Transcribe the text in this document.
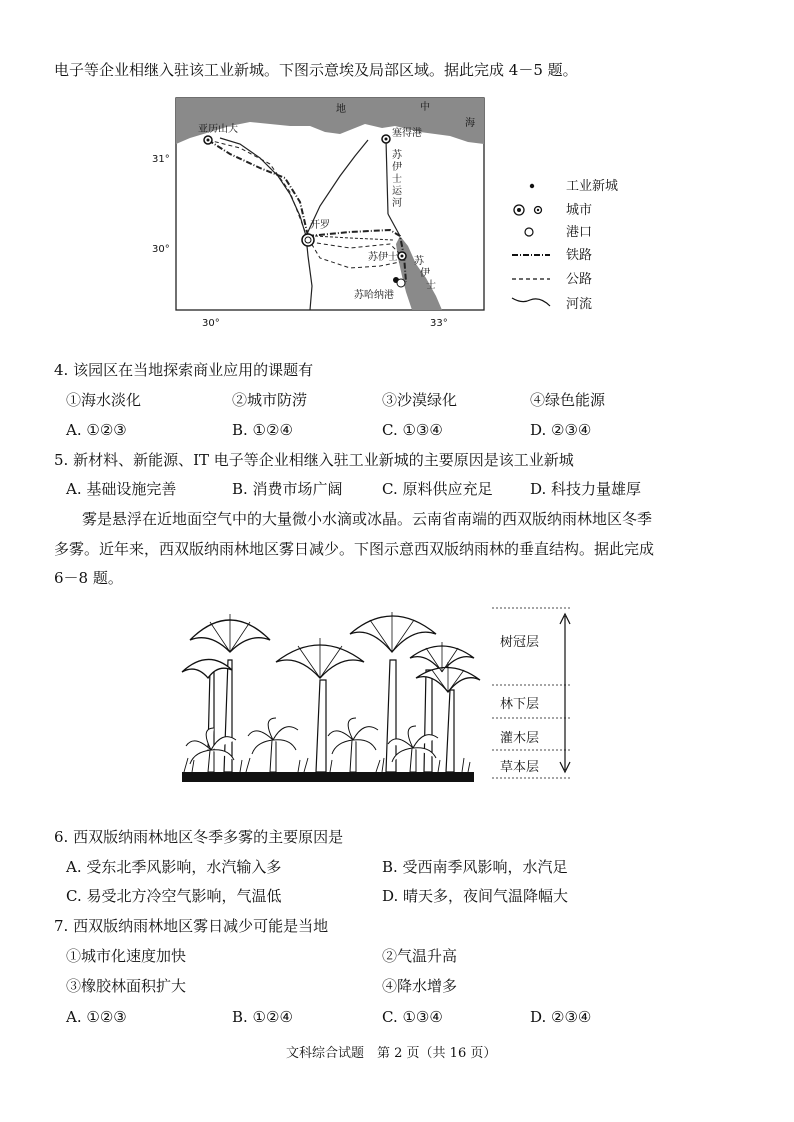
电子等企业相继入驻该工业新城。下图示意埃及局部区域。据此完成 4－5 题。
地	中
海
苏
伊
士
运
河
苏
伊
士
亚历山大	塞得港
开罗
苏伊士
苏哈纳港
31°
30°
30°	33°
工业新城
城市
港口
铁路
公路
河流
4. 该园区在当地探索商业应用的课题有
①海水淡化	②城市防涝	③沙漠绿化	④绿色能源
A. ①②③	B. ①②④	C. ①③④	D. ②③④
5. 新材料、新能源、IT 电子等企业相继入驻工业新城的主要原因是该工业新城
A. 基础设施完善	B. 消费市场广阔	C. 原料供应充足	D. 科技力量雄厚
雾是悬浮在近地面空气中的大量微小水滴或冰晶。云南省南端的西双版纳雨林地区冬季
多雾。近年来，西双版纳雨林地区雾日减少。下图示意西双版纳雨林的垂直结构。据此完成
6－8 题。
树冠层
林下层
灌木层
草本层
6. 西双版纳雨林地区冬季多雾的主要原因是
A. 受东北季风影响，水汽输入多	B. 受西南季风影响，水汽足
C. 易受北方冷空气影响，气温低	D. 晴天多，夜间气温降幅大
7. 西双版纳雨林地区雾日减少可能是当地
①城市化速度加快	②气温升高
③橡胶林面积扩大	④降水增多
A. ①②③	B. ①②④	C. ①③④	D. ②③④
文科综合试题　第 2 页（共 16 页）
